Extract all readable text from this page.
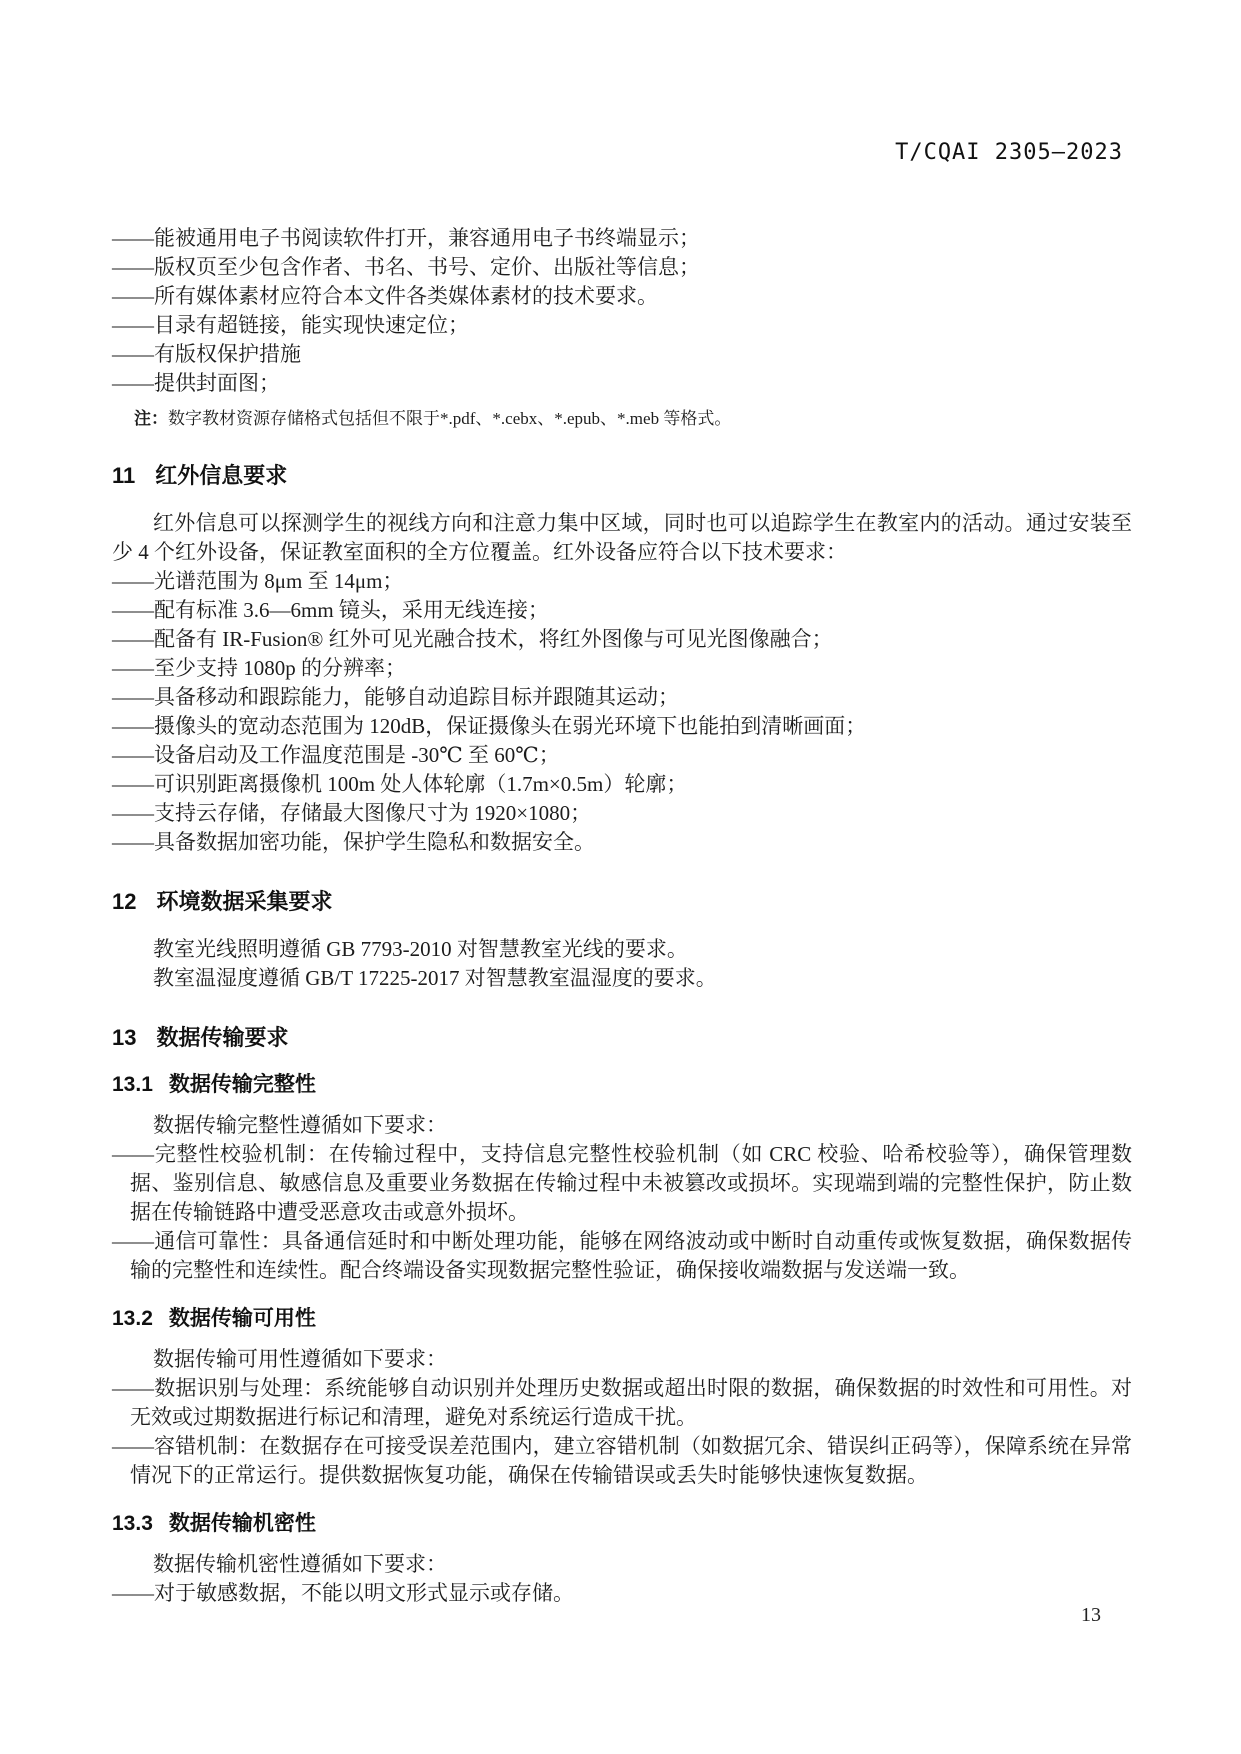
T/CQAI 2305—2023

——能被通用电子书阅读软件打开，兼容通用电子书终端显示；

——版权页至少包含作者、书名、书号、定价、出版社等信息；

——所有媒体素材应符合本文件各类媒体素材的技术要求。

——目录有超链接，能实现快速定位；

——有版权保护措施

——提供封面图；

注：数字教材资源存储格式包括但不限于*.pdf、*.cebx、*.epub、*.meb 等格式。

11 红外信息要求

红外信息可以探测学生的视线方向和注意力集中区域，同时也可以追踪学生在教室内的活动。通过安装至少 4 个红外设备，保证教室面积的全方位覆盖。红外设备应符合以下技术要求：

——光谱范围为 8μm 至 14μm；

——配有标准 3.6—6mm 镜头，采用无线连接；

——配备有 IR-Fusion® 红外可见光融合技术，将红外图像与可见光图像融合；

——至少支持 1080p 的分辨率；

——具备移动和跟踪能力，能够自动追踪目标并跟随其运动；

——摄像头的宽动态范围为 120dB，保证摄像头在弱光环境下也能拍到清晰画面；

——设备启动及工作温度范围是 -30℃ 至 60℃；

——可识别距离摄像机 100m 处人体轮廓（1.7m×0.5m）轮廓；

——支持云存储，存储最大图像尺寸为 1920×1080；

——具备数据加密功能，保护学生隐私和数据安全。

12 环境数据采集要求

教室光线照明遵循 GB 7793-2010 对智慧教室光线的要求。

教室温湿度遵循 GB/T 17225-2017 对智慧教室温湿度的要求。

13 数据传输要求
13.1 数据传输完整性

数据传输完整性遵循如下要求：

——完整性校验机制：在传输过程中，支持信息完整性校验机制（如 CRC 校验、哈希校验等），确保管理数据、鉴别信息、敏感信息及重要业务数据在传输过程中未被篡改或损坏。实现端到端的完整性保护，防止数据在传输链路中遭受恶意攻击或意外损坏。

——通信可靠性：具备通信延时和中断处理功能，能够在网络波动或中断时自动重传或恢复数据，确保数据传输的完整性和连续性。配合终端设备实现数据完整性验证，确保接收端数据与发送端一致。

13.2 数据传输可用性

数据传输可用性遵循如下要求：

——数据识别与处理：系统能够自动识别并处理历史数据或超出时限的数据，确保数据的时效性和可用性。对无效或过期数据进行标记和清理，避免对系统运行造成干扰。

——容错机制：在数据存在可接受误差范围内，建立容错机制（如数据冗余、错误纠正码等），保障系统在异常情况下的正常运行。提供数据恢复功能，确保在传输错误或丢失时能够快速恢复数据。

13.3 数据传输机密性

数据传输机密性遵循如下要求：

——对于敏感数据，不能以明文形式显示或存储。

13
